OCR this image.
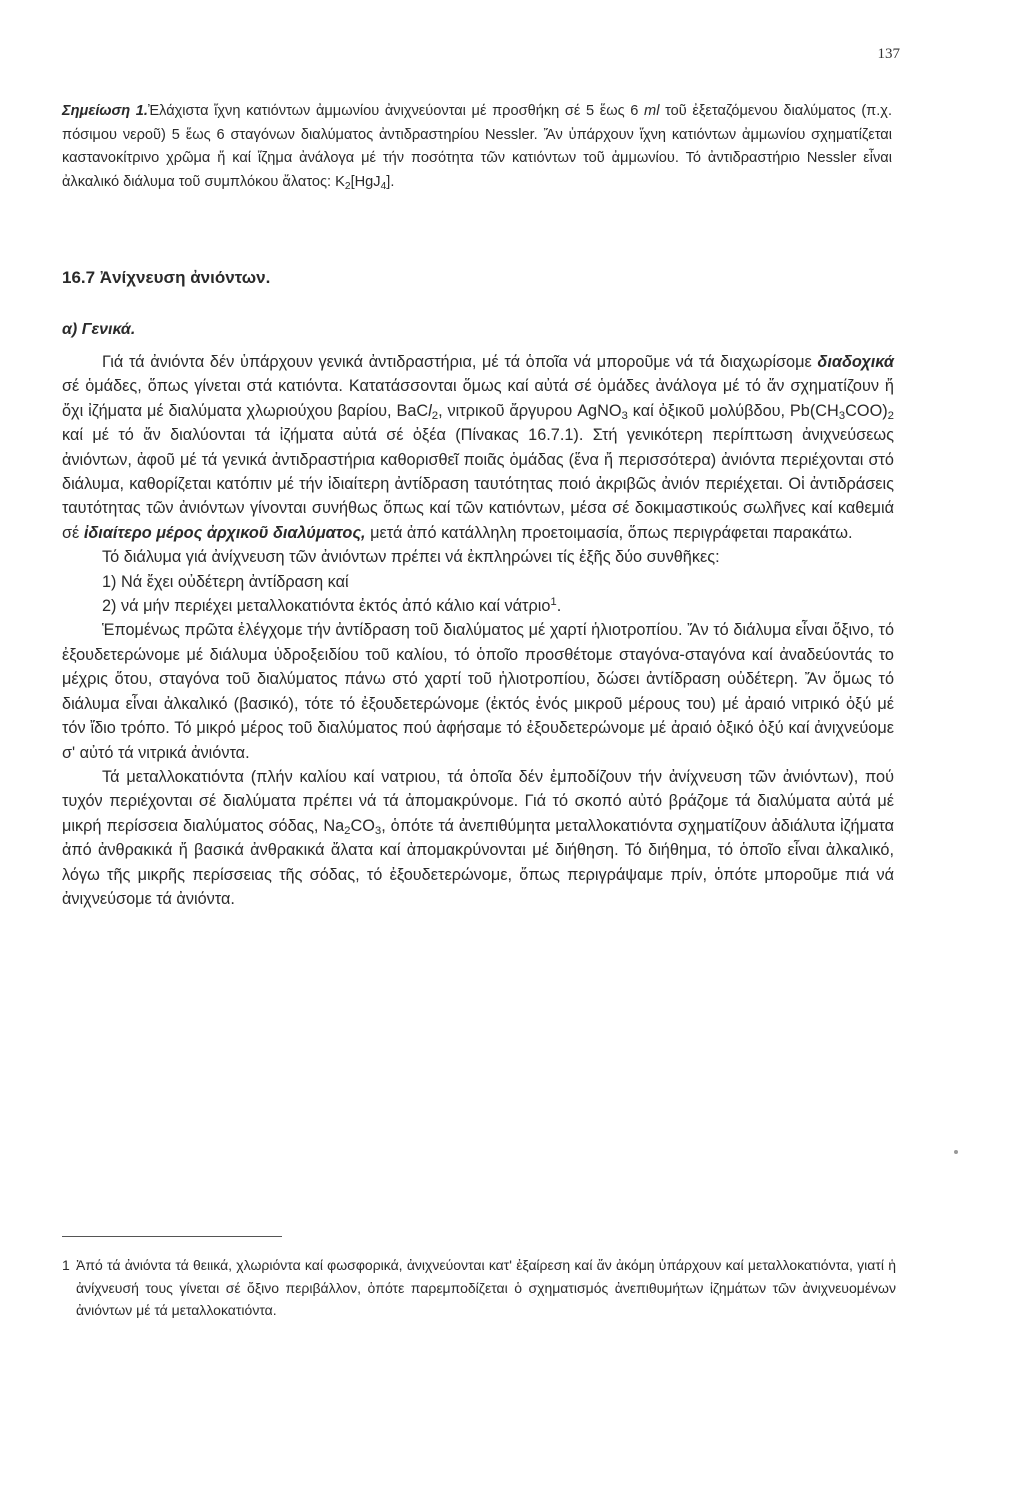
137
Σημείωση 1.Ἐλάχιστα ἴχνη κατιόντων ἀμμωνίου ἀνιχνεύονται μέ προσθήκη σέ 5 ἕως 6 ml τοῦ ἐξεταζόμενου διαλύματος (π.χ. πόσιμου νεροῦ) 5 ἕως 6 σταγόνων διαλύματος ἀντιδραστηρίου Nessler. Ἄν ὑπάρχουν ἴχνη κατιόντων ἀμμωνίου σχηματίζεται καστανοκίτρινο χρῶμα ἤ καί ἴζημα ἀνάλογα μέ τήν ποσότητα τῶν κατιόντων τοῦ ἀμμωνίου. Τό ἀντιδραστήριο Nessler εἶναι ἀλκαλικό διάλυμα τοῦ συμπλόκου ἄλατος: $K_2[HgJ_4]$.
16.7 Ἀνίχνευση ἀνιόντων.
α) Γενικά.

Γιά τά ἀνιόντα δέν ὑπάρχουν γενικά ἀντιδραστήρια, μέ τά ὁποῖα νά μποροῦμε νά τά διαχωρίσομε διαδοχικά σέ ὁμάδες, ὅπως γίνεται στά κατιόντα. Κατατάσσονται ὅμως καί αὐτά σέ ὁμάδες ἀνάλογα μέ τό ἄν σχηματίζουν ἤ ὄχι ἰζήματα μέ διαλύματα χλωριούχου βαρίου, BaCl$_2$, νιτρικοῦ ἄργυρου AgNO$_3$ καί ὀξικοῦ μολύβδου, $Pb(CH_3COO)_2$ καί μέ τό ἄν διαλύονται τά ἰζήματα αὐτά σέ ὀξέα (Πίνακας 16.7.1). Στή γενικότερη περίπτωση ἀνιχνεύσεως ἀνιόντων, ἀφοῦ μέ τά γενικά ἀντιδραστήρια καθορισθεῖ ποιᾶς ὁμάδας (ἕνα ἤ περισσότερα) ἀνιόντα περιέχονται στό διάλυμα, καθορίζεται κατόπιν μέ τήν ἰδιαίτερη ἀντίδραση ταυτότητας ποιό ἀκριβῶς ἀνιόν περιέχεται. Οἱ ἀντιδράσεις ταυτότητας τῶν ἀνιόντων γίνονται συνήθως ὅπως καί τῶν κατιόντων, μέσα σέ δοκιμαστικούς σωλῆνες καί καθεμιά σέ ἰδιαίτερο μέρος ἀρχικοῦ διαλύματος, μετά ἀπό κατάλληλη προετοιμασία, ὅπως περιγράφεται παρακάτω.

Τό διάλυμα γιά ἀνίχνευση τῶν ἀνιόντων πρέπει νά ἐκπληρώνει τίς ἑξῆς δύο συνθῆκες:

1) Νά ἔχει οὐδέτερη ἀντίδραση καί

2) νά μήν περιέχει μεταλλοκατιόντα ἐκτός ἀπό κάλιο καί νάτριο$^1$.

Ἑπομένως πρῶτα ἐλέγχομε τήν ἀντίδραση τοῦ διαλύματος μέ χαρτί ἡλιοτροπίου. Ἄν τό διάλυμα εἶναι ὄξινο, τό ἐξουδετερώνομε μέ διάλυμα ὑδροξειδίου τοῦ καλίου, τό ὁποῖο προσθέτομε σταγόνα-σταγόνα καί ἀναδεύοντάς το μέχρις ὅτου, σταγόνα τοῦ διαλύματος πάνω στό χαρτί τοῦ ἡλιοτροπίου, δώσει ἀντίδραση οὐδέτερη. Ἄν ὅμως τό διάλυμα εἶναι ἀλκαλικό (βασικό), τότε τό ἐξουδετερώνομε (ἐκτός ἑνός μικροῦ μέρους του) μέ ἀραιό νιτρικό ὀξύ μέ τόν ἴδιο τρόπο. Τό μικρό μέρος τοῦ διαλύματος πού ἀφήσαμε τό ἐξουδετερώνομε μέ ἀραιό ὀξικό ὀξύ καί ἀνιχνεύομε σ' αὐτό τά νιτρικά ἀνιόντα.

Τά μεταλλοκατιόντα (πλήν καλίου καί νατριου, τά ὁποῖα δέν ἐμποδίζουν τήν ἀνίχνευση τῶν ἀνιόντων), πού τυχόν περιέχονται σέ διαλύματα πρέπει νά τά ἀπομακρύνομε. Γιά τό σκοπό αὐτό βράζομε τά διαλύματα αὐτά μέ μικρή περίσσεια διαλύματος σόδας, $Na_2CO_3$, ὁπότε τά ἀνεπιθύμητα μεταλλοκατιόντα σχηματίζουν ἀδιάλυτα ἰζήματα ἀπό ἀνθρακικά ἤ βασικά ἀνθρακικά ἄλατα καί ἀπομακρύνονται μέ διήθηση. Τό διήθημα, τό ὁποῖο εἶναι ἀλκαλικό, λόγω τῆς μικρῆς περίσσειας τῆς σόδας, τό ἐξουδετερώνομε, ὅπως περιγράψαμε πρίν, ὁπότε μποροῦμε πιά νά ἀνιχνεύσομε τά ἀνιόντα.

1 Ἀπό τά ἀνιόντα τά θειικά, χλωριόντα καί φωσφορικά, ἀνιχνεύονται κατ' ἐξαίρεση καί ἄν ἀκόμη ὑπάρχουν καί μεταλλοκατιόντα, γιατί ἡ ἀνίχνευσή τους γίνεται σέ ὄξινο περιβάλλον, ὁπότε παρεμποδίζεται ὁ σχηματισμός ἀνεπιθυμήτων ἰζημάτων τῶν ἀνιχνευομένων ἀνιόντων μέ τά μεταλλοκατιόντα.
